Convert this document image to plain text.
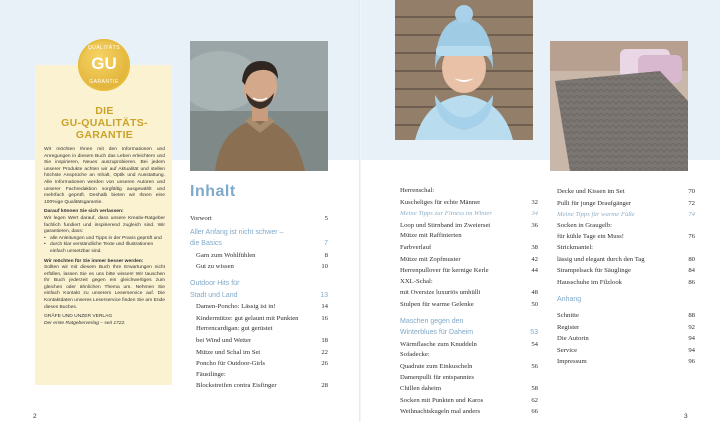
DIE
GU-QUALITÄTS-
GARANTIE

Wir möchten Ihnen mit den Informationen und Anregungen in diesem Buch das Leben erleichtern und Sie inspirieren, Neues auszuprobieren. Bei jedem unserer Produkte achten wir auf Aktualität und stellen höchste Ansprüche an Inhalt, Optik und Ausstattung. Alle Informationen werden von unseren Autoren und unserer Fachredaktion sorgfältig ausgewählt und mehrfach geprüft. Deshalb bieten wir Ihnen eine 100%ige Qualitätsgarantie.

Darauf können Sie sich verlassen:

Wir legen Wert darauf, dass unsere Kreativ-Ratgeber fachlich fundiert und inspirierend zugleich sind. Wir garantieren, dass:

• alle Anleitungen und Tipps in der Praxis geprüft und
• durch klar verständliche Texte und Illustrationen einfach umsetzbar sind.

Wir möchten für Sie immer besser werden:

Sollten wir mit diesem Buch Ihre Erwartungen nicht erfüllen, lassen Sie es uns bitte wissen! Wir tauschen Ihr Buch jederzeit gegen ein gleichwertiges zum gleichen oder ähnlichen Thema um. Nehmen Sie einfach Kontakt zu unserem Leserservice auf. Die Kontaktdaten unseres Leserservice finden Sie am Ende dieses Buches.

GRÄFE UND UNZER VERLAG

Der erste Ratgeberverlag – seit 1722.

QUALITÄTS
GU
GARANTIE
Inhalt
Vorwort	5
Aller Anfang ist nicht schwer –
die Basics	7
Garn zum Wohlfühlen	8
Gut zu wissen	10
Outdoor Hits für
Stadt und Land	13
Damen-Poncho: Lässig ist in!	14
Kindermütze: gut gelaunt mit Punkten	16
Herrencardigan: gut gerüstet
bei Wind und Wetter	18
Mütze und Schal im Set	22
Poncho für Outdoor-Girls	26
Fäustlinge:
Blockstreifen contra Eisfinger	28
Herrenschal:
Kuscheliges für echte Männer	32
Meine Tipps zur Fitness im Winter	34
Loop und Stirnband im Zweierset	36
Mütze mit Raffinierten
Farbverlauf	38
Mütze mit Zopfmuster	42
Herrenpullover für kernige Kerle	44
XXL-Schal:
mit Oversize luxuriös umhüllt	48
Stulpen für warme Gelenke	50
Maschen gegen den
Winterblues für Daheim	53
Wärmflasche zum Knuddeln	54
Sofadecke:
Quadrate zum Einkuscheln	56
Damenpulli für entspanntes
Chillen daheim	58
Socken mit Punkten und Karos	62
Weihnachtskugeln mal anders	66
Decke und Kissen im Set	70
Pulli für junge Draufgänger	72
Meine Tipps für warme Füße	74
Socken in Graugelb:
für kühle Tage ein Muss!	76
Strickmantel:
lässig und elegant durch den Tag	80
Strampelsack für Säuglinge	84
Hausschuhe im Filzlook	86
Anhang
Schnitte	88
Register	92
Die Autorin	94
Service	94
Impressum	96
2	3
